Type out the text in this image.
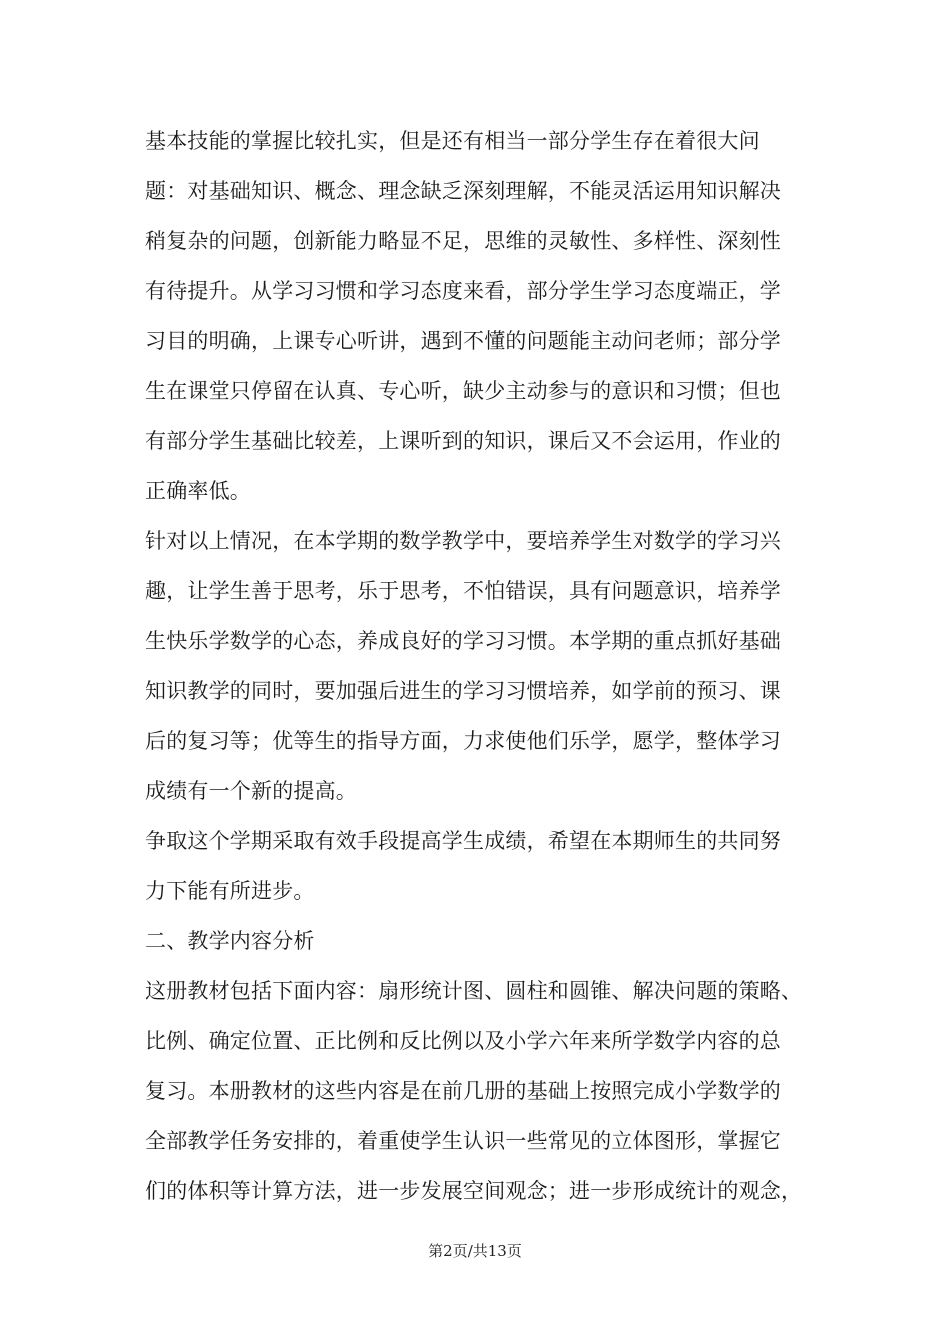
基本技能的掌握比较扎实，但是还有相当一部分学生存在着很大问
题：对基础知识、概念、理念缺乏深刻理解，不能灵活运用知识解决
稍复杂的问题，创新能力略显不足，思维的灵敏性、多样性、深刻性
有待提升。从学习习惯和学习态度来看，部分学生学习态度端正，学
习目的明确，上课专心听讲，遇到不懂的问题能主动问老师；部分学
生在课堂只停留在认真、专心听，缺少主动参与的意识和习惯；但也
有部分学生基础比较差，上课听到的知识，课后又不会运用，作业的
正确率低。
针对以上情况，在本学期的数学教学中，要培养学生对数学的学习兴
趣，让学生善于思考，乐于思考，不怕错误，具有问题意识，培养学
生快乐学数学的心态，养成良好的学习习惯。本学期的重点抓好基础
知识教学的同时，要加强后进生的学习习惯培养，如学前的预习、课
后的复习等；优等生的指导方面，力求使他们乐学，愿学，整体学习
成绩有一个新的提高。
争取这个学期采取有效手段提高学生成绩，希望在本期师生的共同努
力下能有所进步。
二、教学内容分析
这册教材包括下面内容：扇形统计图、圆柱和圆锥、解决问题的策略、
比例、确定位置、正比例和反比例以及小学六年来所学数学内容的总
复习。本册教材的这些内容是在前几册的基础上按照完成小学数学的
全部教学任务安排的，着重使学生认识一些常见的立体图形，掌握它
们的体积等计算方法，进一步发展空间观念；进一步形成统计的观念，
第2页/共13页
